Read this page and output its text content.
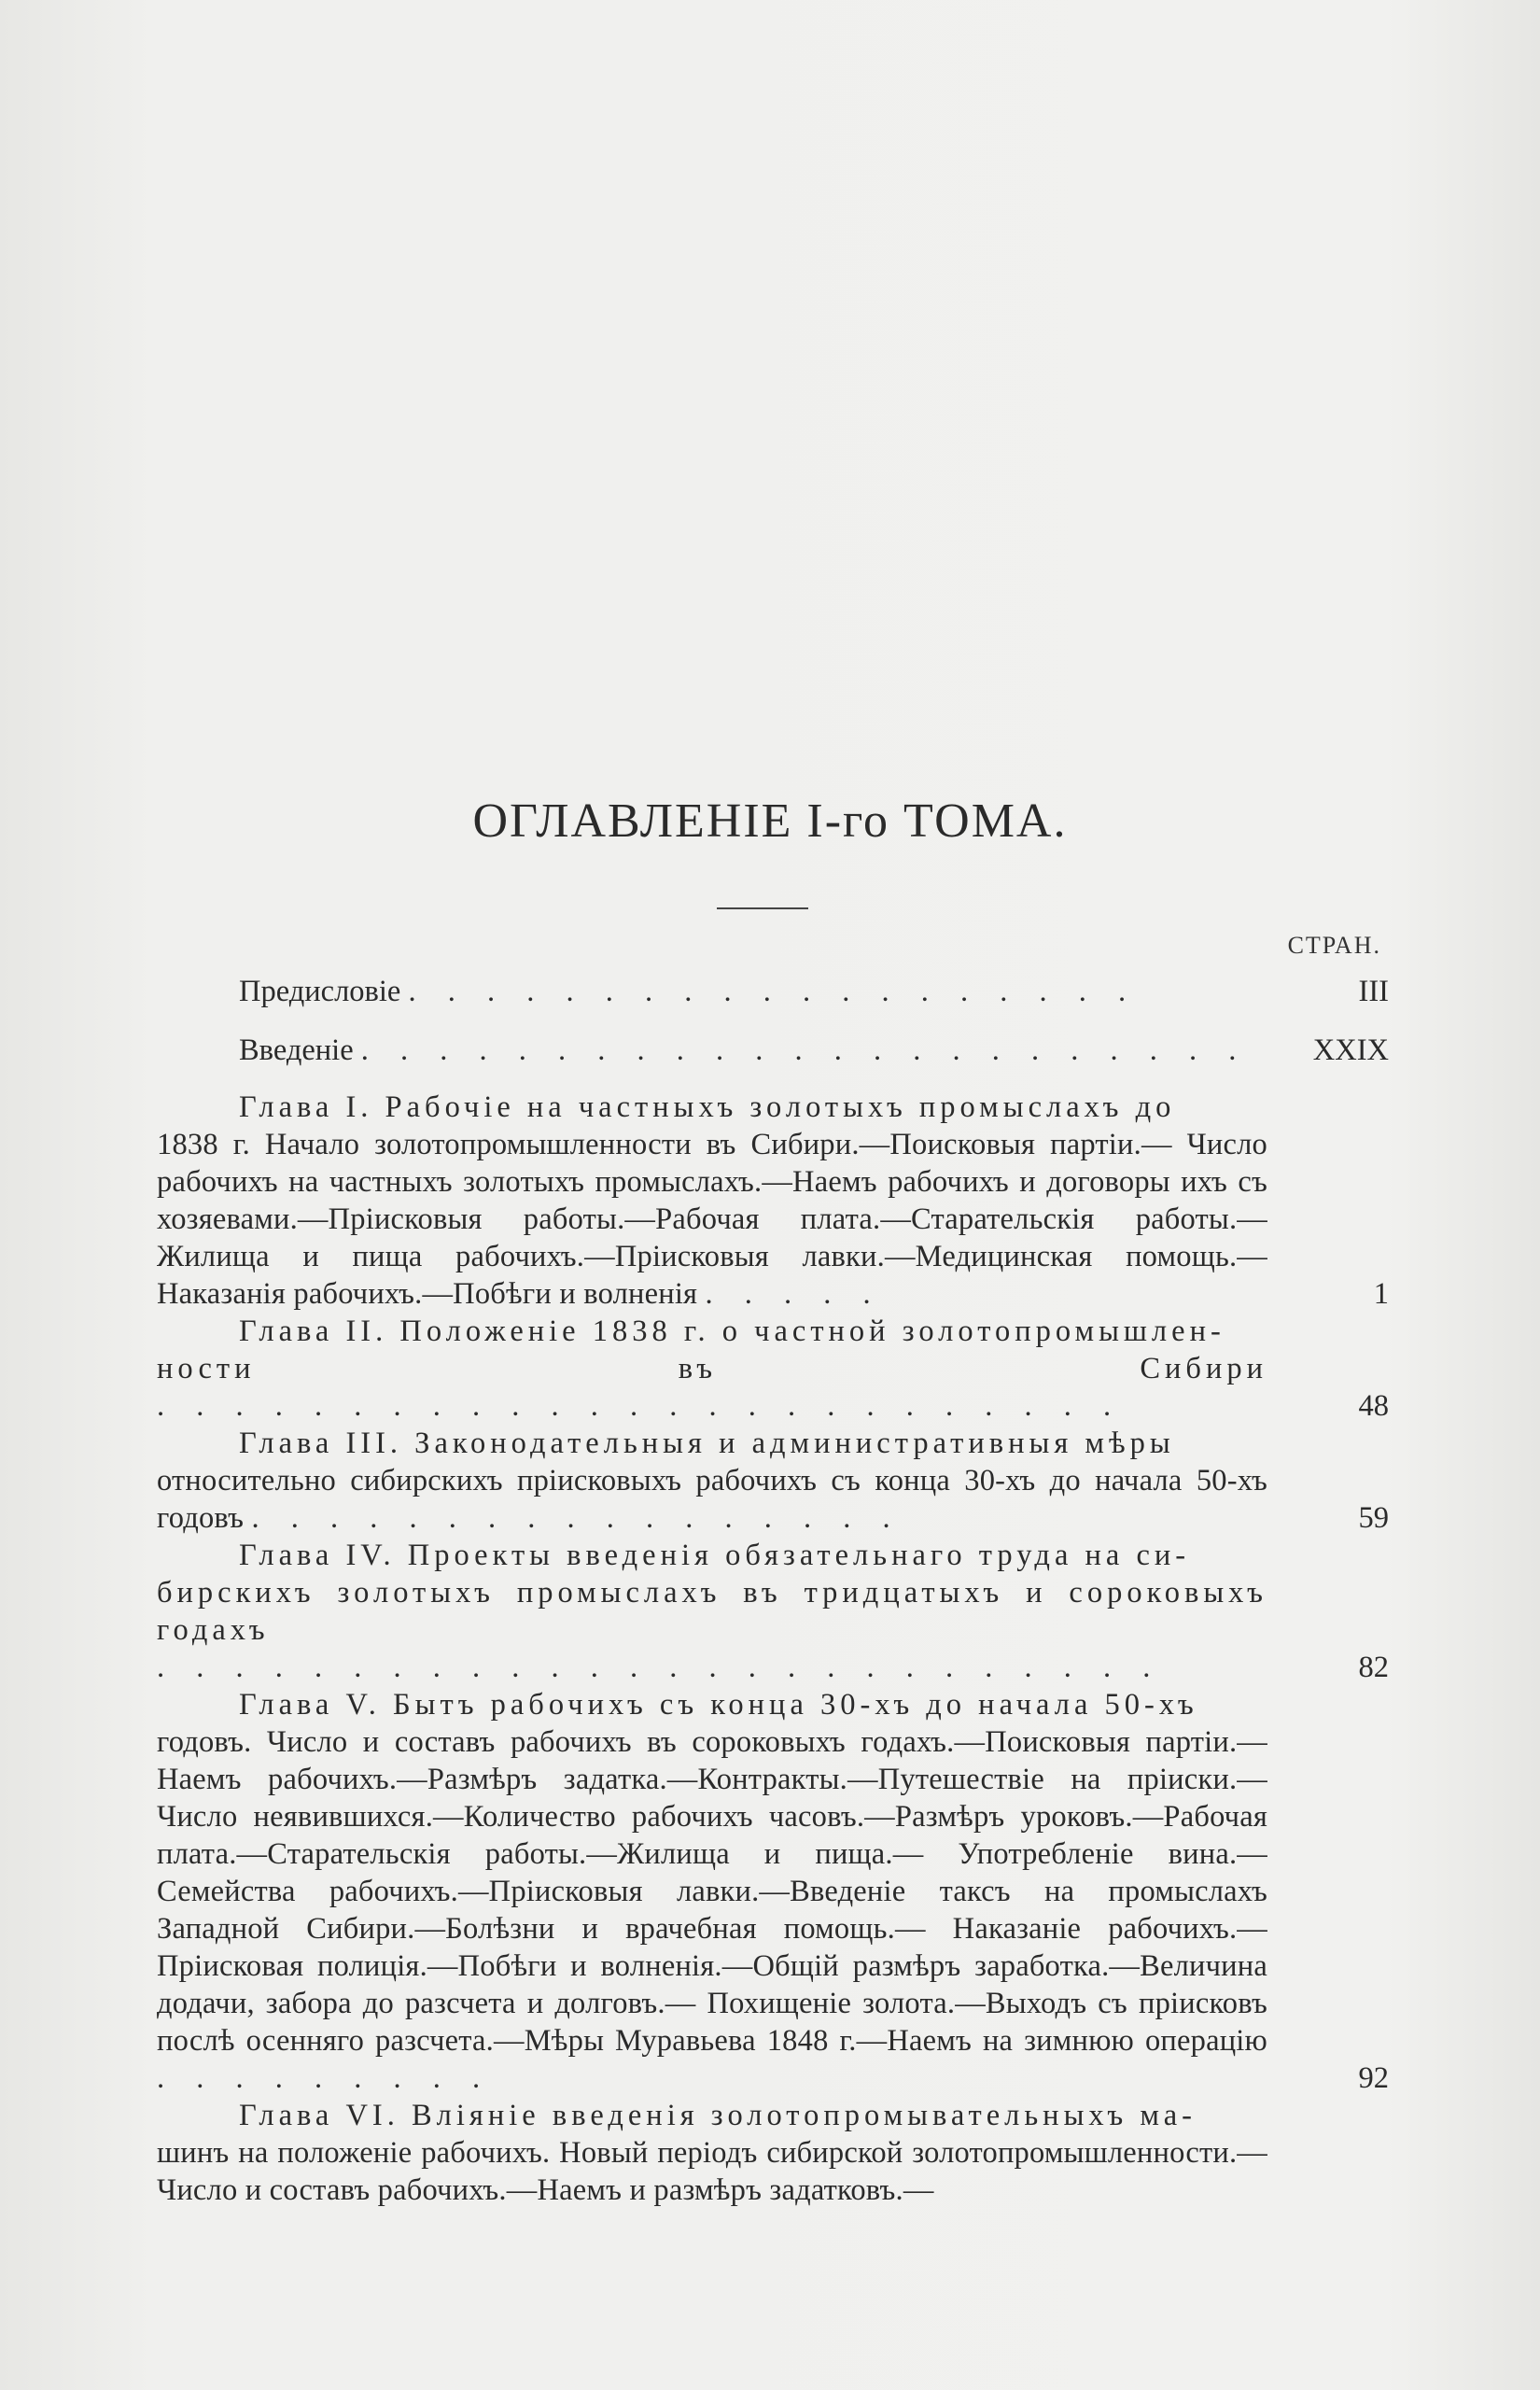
ОГЛАВЛЕНІЕ І-го ТОМА.
СТРАН.
Предисловіе . . . . . . . . . . . . . . . . . . .	III
Введеніе . . . . . . . . . . . . . . . . . . . . . . .	XXIX
Глава I. Рабочіе на частныхъ золотыхъ промыслахъ до
1838 г. Начало золотопромышленности въ Сибири.—Поисковыя партіи.— Число рабочихъ на частныхъ золотыхъ промыслахъ.—Наемъ рабочихъ и договоры ихъ съ хозяевами.—Пріисковыя работы.—Рабочая плата.—Старательскія работы.—Жилища и пища рабочихъ.—Пріисковыя лавки.—Медицинская помощь.—Наказанія рабочихъ.—Побѣги и волненія . . . . .	1
Глава II. Положеніе 1838 г. о частной золотопромышлен-
ности въ Сибири . . . . . . . . . . . . . . . . . . . . . . . . .	48
Глава III. Законодательныя и административныя мѣры
относительно сибирскихъ пріисковыхъ рабочихъ съ конца 30-хъ до начала 50-хъ годовъ . . . . . . . . . . . . . . . . .	59
Глава IV. Проекты введенія обязательнаго труда на си-
бирскихъ золотыхъ промыслахъ въ тридцатыхъ и сороковыхъ годахъ . . . . . . . . . . . . . . . . . . . . . . . . . .	82
Глава V. Бытъ рабочихъ съ конца 30-хъ до начала 50-хъ
годовъ. Число и составъ рабочихъ въ сороковыхъ годахъ.—Поисковыя партіи.—Наемъ рабочихъ.—Размѣръ задатка.—Контракты.—Путешествіе на пріиски.—Число неявившихся.—Количество рабочихъ часовъ.—Размѣръ уроковъ.—Рабочая плата.—Старательскія работы.—Жилища и пища.— Употребленіе вина.—Семейства рабочихъ.—Пріисковыя лавки.—Введеніе таксъ на промыслахъ Западной Сибири.—Болѣзни и врачебная помощь.— Наказаніе рабочихъ.—Пріисковая полиція.—Побѣги и волненія.—Общій размѣръ заработка.—Величина додачи, забора до разсчета и долговъ.— Похищеніе золота.—Выходъ съ пріисковъ послѣ осенняго разсчета.—Мѣры Муравьева 1848 г.—Наемъ на зимнюю операцію . . . . . . . . .	92
Глава VI. Вліяніе введенія золотопромывательныхъ ма-
шинъ на положеніе рабочихъ. Новый періодъ сибирской золотопромышленности.—Число и составъ рабочихъ.—Наемъ и размѣръ задатковъ.—
